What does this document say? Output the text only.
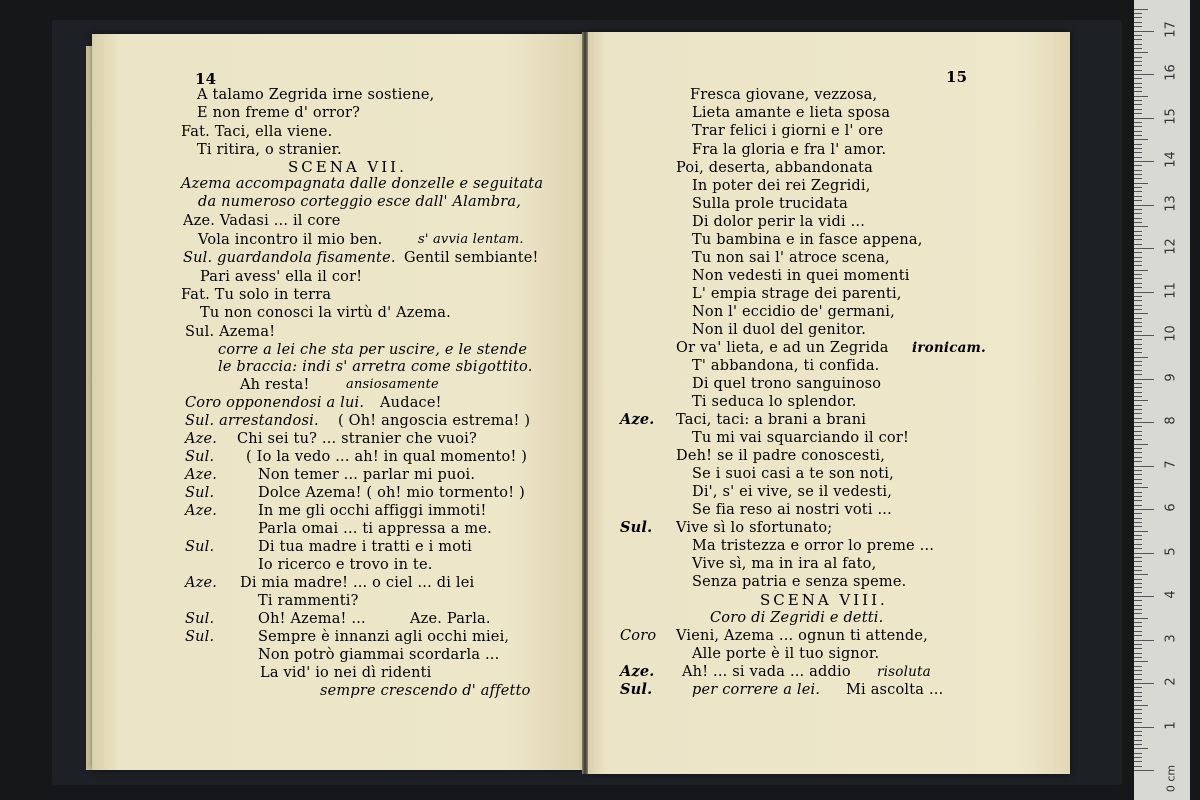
14
A talamo Zegrida irne sostiene,
E non freme d' orror?
Fat. Taci, ella viene.
Ti ritira, o stranier.
SCENA VII.
Azema accompagnata dalle donzelle e seguitata
da numeroso corteggio esce dall' Alambra,
Aze. Vadasi ... il core
Vola incontro il mio ben.	s' avvia lentam.
Sul. guardandola fisamente. Gentil sembiante!
Pari avess' ella il cor!
Fat. Tu solo in terra
Tu non conosci la virtù d' Azema.
Sul. Azema!
corre a lei che sta per uscire, e le stende
le braccia: indi s' arretra come sbigottito.
Ah resta!	ansiosamente
Coro opponendosi a lui. Audace!
Sul. arrestandosi. ( Oh! angoscia estrema! )
Aze. Chi sei tu? ... stranier che vuoi?
Sul. ( Io la vedo ... ah! in qual momento! )
Aze.	Non temer ... parlar mi puoi.
Sul.	Dolce Azema! ( oh! mio tormento! )
Aze.	In me gli occhi affiggi immoti!
Parla omai ... ti appressa a me.
Sul.	Di tua madre i tratti e i moti
Io ricerco e trovo in te.
Aze. Di mia madre! ... o ciel ... di lei
Ti rammenti?
Sul.	Oh! Azema! ...	Aze. Parla.
Sul.	Sempre è innanzi agli occhi miei,
Non potrò giammai scordarla ...
La vid' io nei dì ridenti
sempre crescendo d' affetto
15
Fresca giovane, vezzosa,
Lieta amante e lieta sposa
Trar felici i giorni e l' ore
Fra la gloria e fra l' amor.
Poi, deserta, abbandonata
In poter dei rei Zegridi,
Sulla prole trucidata
Di dolor perir la vidi ...
Tu bambina e in fasce appena,
Tu non sai l' atroce scena,
Non vedesti in quei momenti
L' empia strage dei parenti,
Non l' eccidio de' germani,
Non il duol del genitor.
Or va' lieta, e ad un Zegrida ironicam.
T' abbandona, ti confida.
Di quel trono sanguinoso
Ti seduca lo splendor.
Aze. Taci, taci: a brani a brani
Tu mi vai squarciando il cor!
Deh! se il padre conoscesti,
Se i suoi casi a te son noti,
Di', s' ei vive, se il vedesti,
Se fia reso ai nostri voti ...
Sul. Vive sì lo sfortunato;
Ma tristezza e orror lo preme ...
Vive sì, ma in ira al fato,
Senza patria e senza speme.
SCENA VIII.
Coro di Zegridi e detti.
Coro Vieni, Azema ... ognun ti attende,
Alle porte è il tuo signor.
Aze. Ah! ... si vada ... addio risoluta
Sul.	per correre a lei. Mi ascolta ...
0 cm
1
2
3
4
5
6
7
8
9
10
11
12
13
14
15
16
17
